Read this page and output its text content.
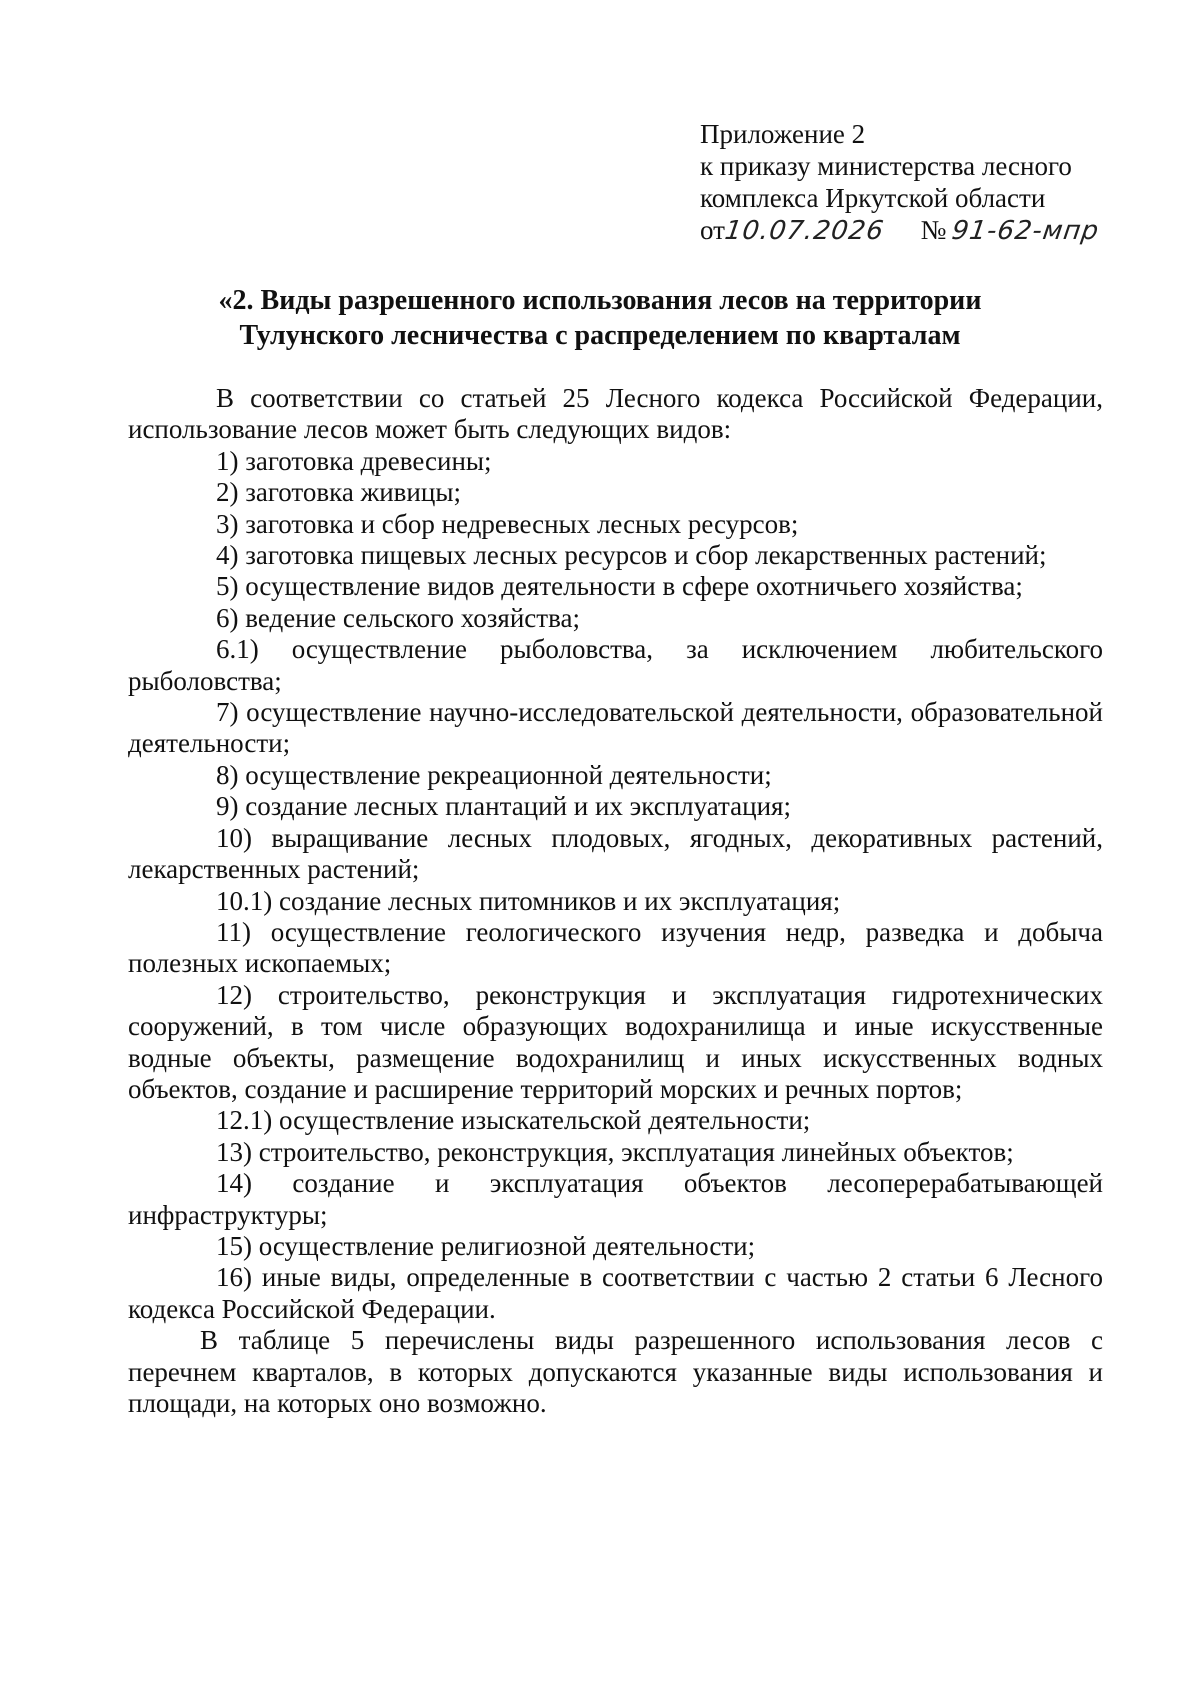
Приложение 2
к приказу министерства лесного
комплекса Иркутской области
от10.07.2026 № 91-62-мпр
«2. Виды разрешенного использования лесов на территории
Тулунского лесничества с распределением по кварталам

В соответствии со статьей 25 Лесного кодекса Российской Федерации, использование лесов может быть следующих видов:

1) заготовка древесины;

2) заготовка живицы;

3) заготовка и сбор недревесных лесных ресурсов;

4) заготовка пищевых лесных ресурсов и сбор лекарственных растений;

5) осуществление видов деятельности в сфере охотничьего хозяйства;

6) ведение сельского хозяйства;

6.1) осуществление рыболовства, за исключением любительского рыболовства;

7) осуществление научно-исследовательской деятельности, образовательной деятельности;

8) осуществление рекреационной деятельности;

9) создание лесных плантаций и их эксплуатация;

10) выращивание лесных плодовых, ягодных, декоративных растений, лекарственных растений;

10.1) создание лесных питомников и их эксплуатация;

11) осуществление геологического изучения недр, разведка и добыча полезных ископаемых;

12) строительство, реконструкция и эксплуатация гидротехнических сооружений, в том числе образующих водохранилища и иные искусственные водные объекты, размещение водохранилищ и иных искусственных водных объектов, создание и расширение территорий морских и речных портов;

12.1) осуществление изыскательской деятельности;

13) строительство, реконструкция, эксплуатация линейных объектов;

14) создание и эксплуатация объектов лесоперерабатывающей инфраструктуры;

15) осуществление религиозной деятельности;

16) иные виды, определенные в соответствии с частью 2 статьи 6 Лесного кодекса Российской Федерации.

В таблице 5 перечислены виды разрешенного использования лесов с перечнем кварталов, в которых допускаются указанные виды использования и площади, на которых оно возможно.
